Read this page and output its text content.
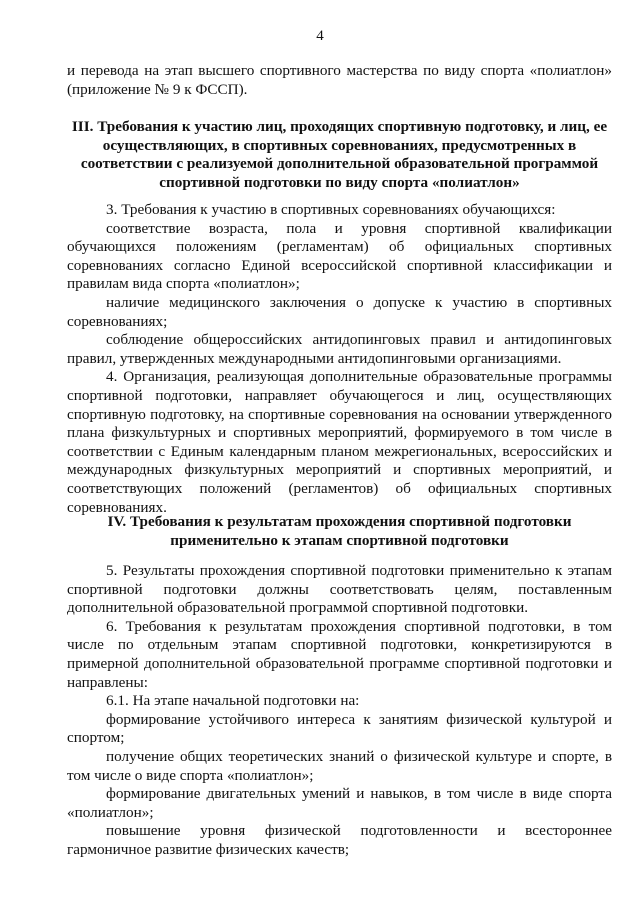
4

и перевода на этап высшего спортивного мастерства по виду спорта «полиатлон» (приложение № 9 к ФССП).

III. Требования к участию лиц, проходящих спортивную подготовку, и лиц, ее осуществляющих, в спортивных соревнованиях, предусмотренных в соответствии с реализуемой дополнительной образовательной программой спортивной подготовки по виду спорта «полиатлон»

3. Требования к участию в спортивных соревнованиях обучающихся:

соответствие возраста, пола и уровня спортивной квалификации обучающихся положениям (регламентам) об официальных спортивных соревнованиях согласно Единой всероссийской спортивной классификации и правилам вида спорта «полиатлон»;

наличие медицинского заключения о допуске к участию в спортивных соревнованиях;

соблюдение общероссийских антидопинговых правил и антидопинговых правил, утвержденных международными антидопинговыми организациями.

4. Организация, реализующая дополнительные образовательные программы спортивной подготовки, направляет обучающегося и лиц, осуществляющих спортивную подготовку, на спортивные соревнования на основании утвержденного плана физкультурных и спортивных мероприятий, формируемого в том числе в соответствии с Единым календарным планом межрегиональных, всероссийских и международных физкультурных мероприятий и спортивных мероприятий, и соответствующих положений (регламентов) об официальных спортивных соревнованиях.

IV. Требования к результатам прохождения спортивной подготовки применительно к этапам спортивной подготовки

5. Результаты прохождения спортивной подготовки применительно к этапам спортивной подготовки должны соответствовать целям, поставленным дополнительной образовательной программой спортивной подготовки.

6. Требования к результатам прохождения спортивной подготовки, в том числе по отдельным этапам спортивной подготовки, конкретизируются в примерной дополнительной образовательной программе спортивной подготовки и направлены:

6.1. На этапе начальной подготовки на:

формирование устойчивого интереса к занятиям физической культурой и спортом;

получение общих теоретических знаний о физической культуре и спорте, в том числе о виде спорта «полиатлон»;

формирование двигательных умений и навыков, в том числе в виде спорта «полиатлон»;

повышение уровня физической подготовленности и всестороннее гармоничное развитие физических качеств;
